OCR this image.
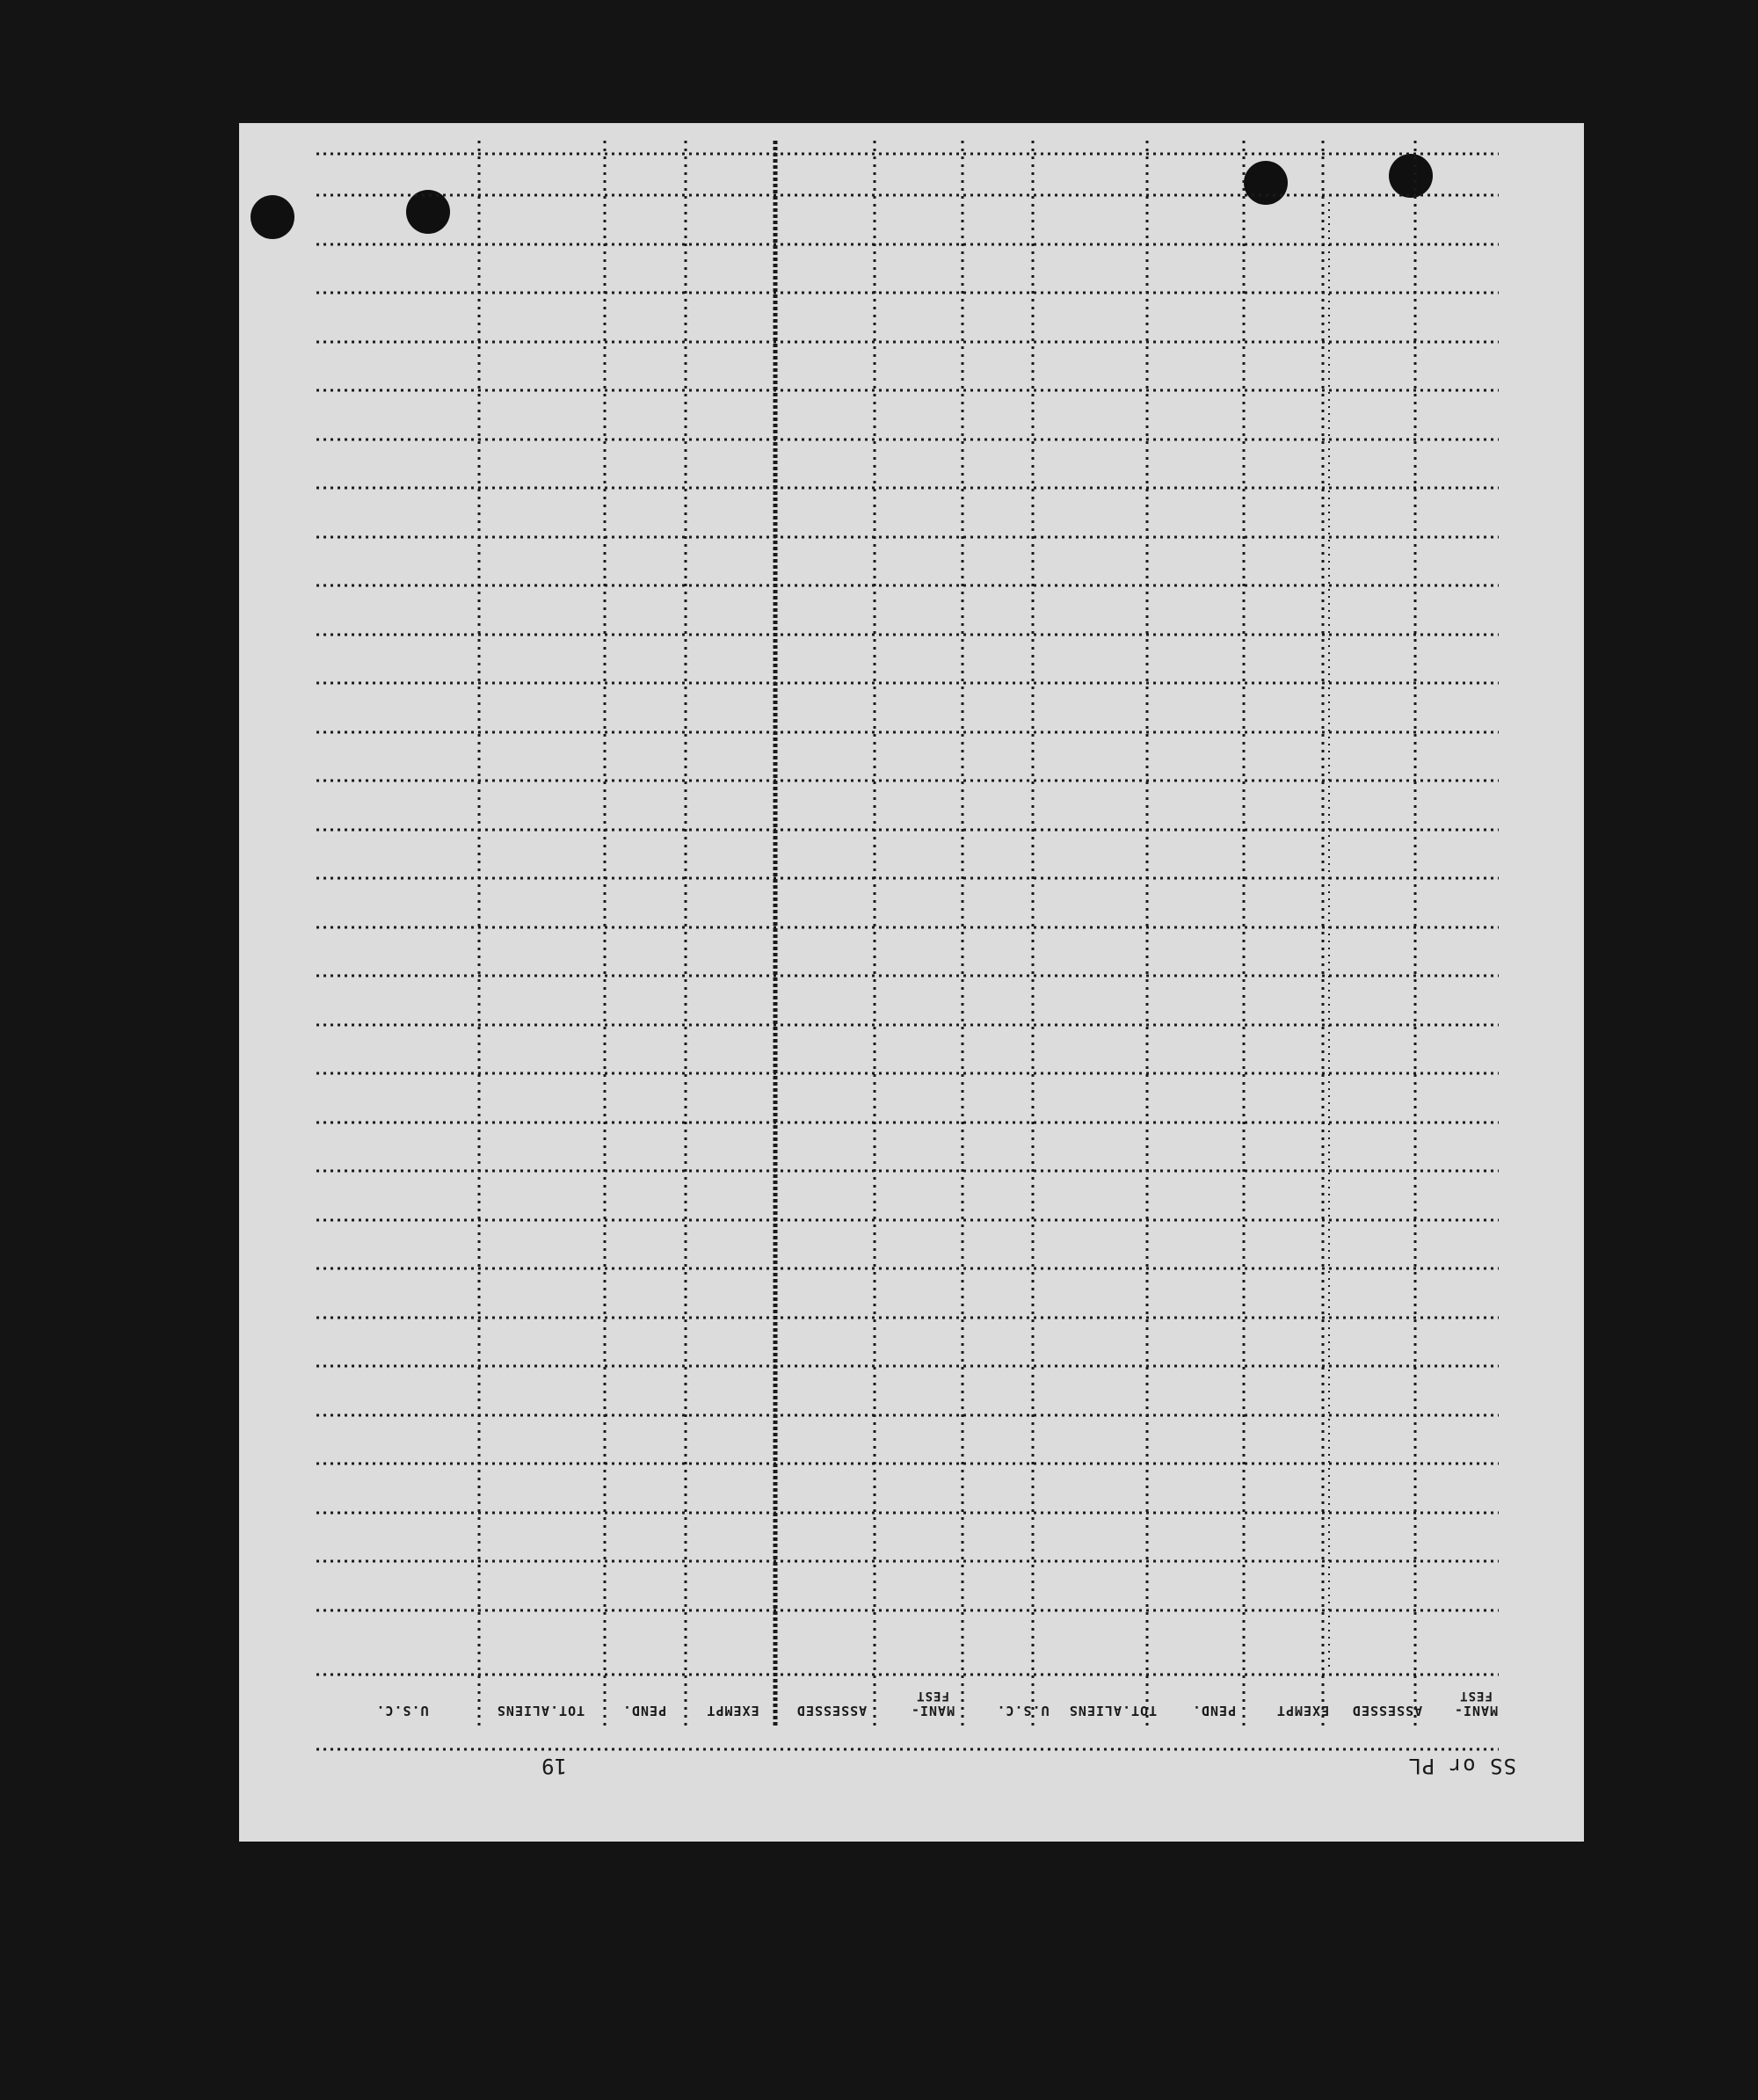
MANI-
FEST
ASSESSED
EXEMPT
PEND.
TOT.ALIENS
U.S.C.
MANI-
FEST
ASSESSED
EXEMPT
PEND.
TOT.ALIENS
U.S.C.
SS or PL
19
